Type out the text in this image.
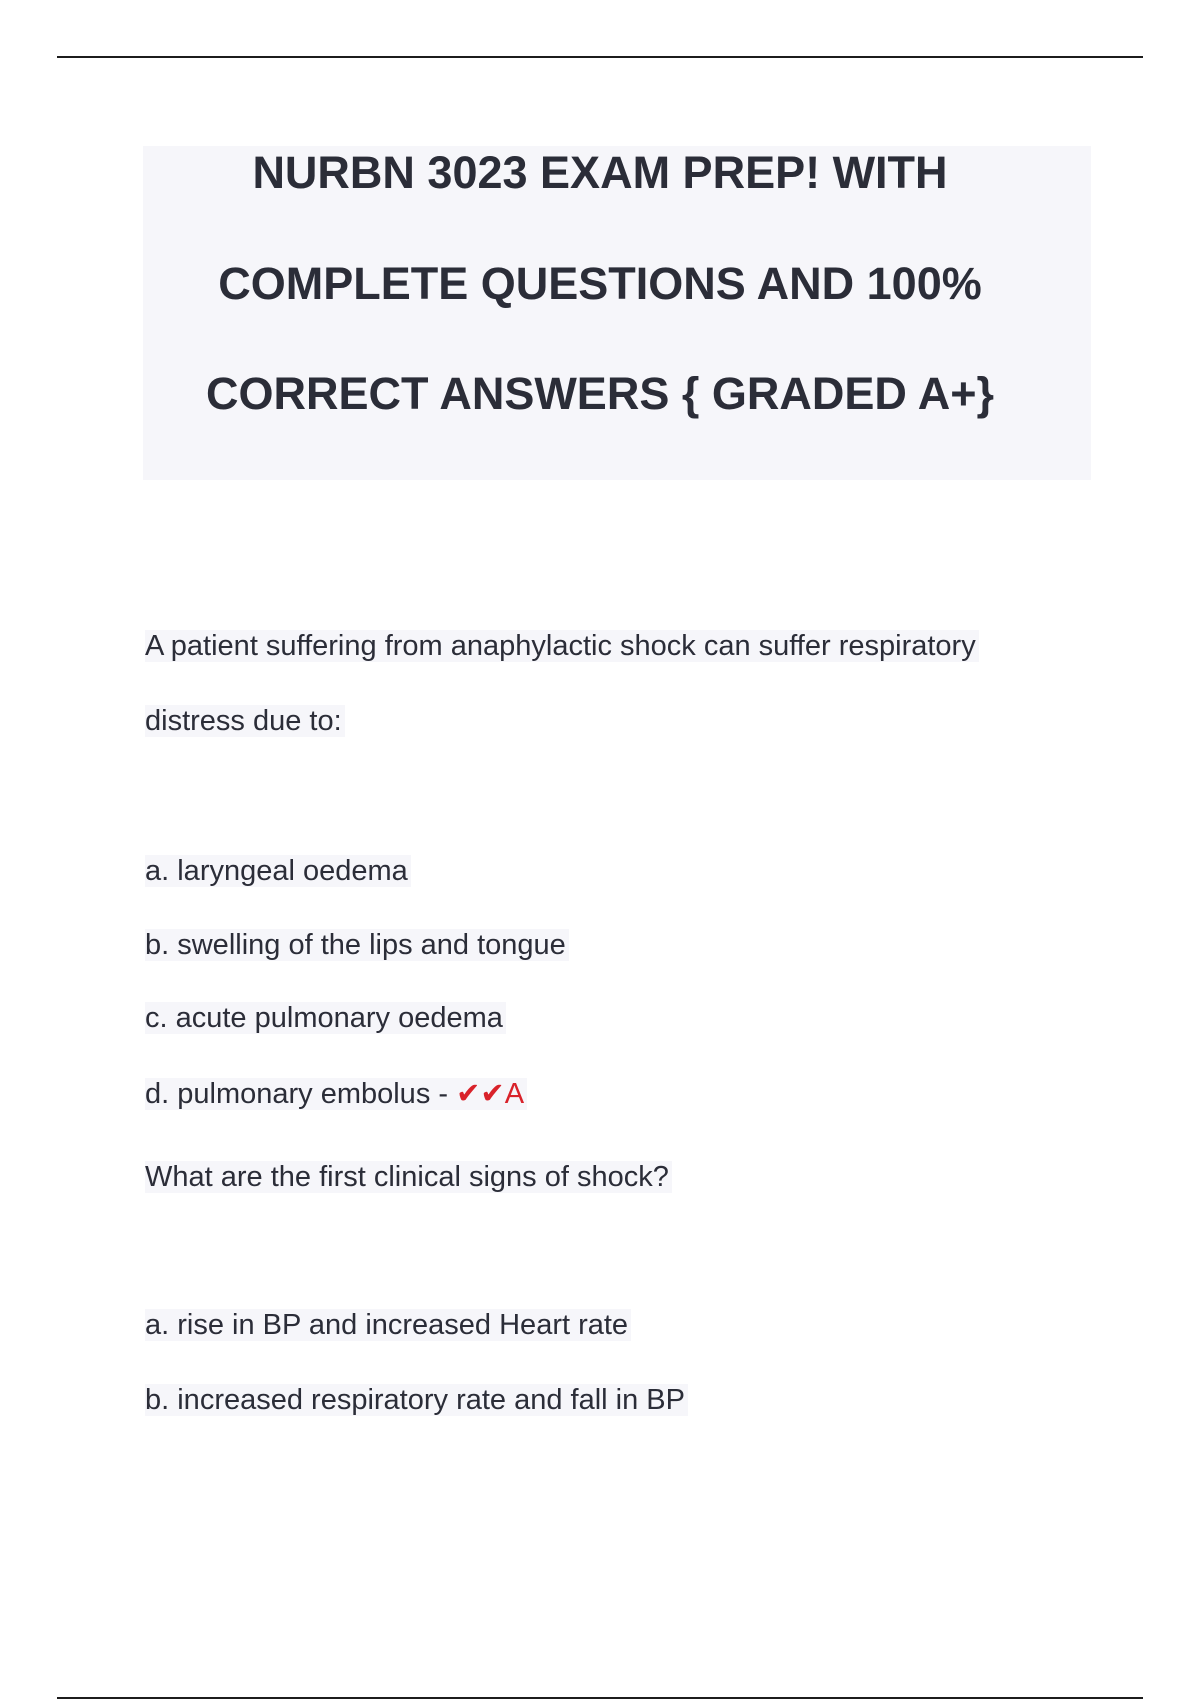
NURBN 3023 EXAM PREP! WITH
COMPLETE QUESTIONS AND 100%
CORRECT ANSWERS { GRADED A+}
A patient suffering from anaphylactic shock can suffer respiratory
distress due to:
a. laryngeal oedema
b. swelling of the lips and tongue
c. acute pulmonary oedema
d. pulmonary embolus - ✔✔A
What are the first clinical signs of shock?
a. rise in BP and increased Heart rate
b. increased respiratory rate and fall in BP
